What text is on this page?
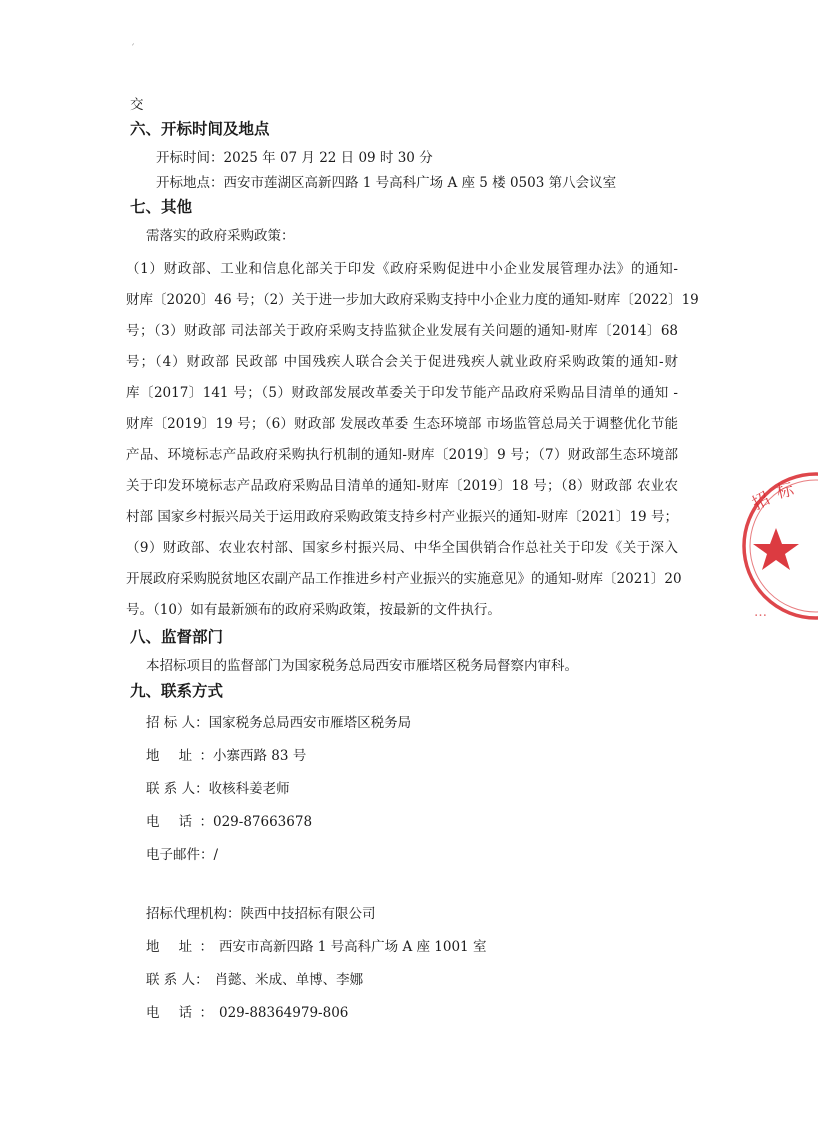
ˊ
交
六、开标时间及地点
开标时间：2025 年 07 月 22 日 09 时 30 分
开标地点：西安市莲湖区高新四路 1 号高科广场 A 座 5 楼 0503 第八会议室
七、其他
需落实的政府采购政策：
（1）财政部、工业和信息化部关于印发《政府采购促进中小企业发展管理办法》的通知-
财库〔2020〕46 号；（2）关于进一步加大政府采购支持中小企业力度的通知-财库〔2022〕19
号；（3）财政部 司法部关于政府采购支持监狱企业发展有关问题的通知-财库〔2014〕68
号；（4）财政部 民政部 中国残疾人联合会关于促进残疾人就业政府采购政策的通知-财
库〔2017〕141 号；（5）财政部发展改革委关于印发节能产品政府采购品目清单的通知 -
财库〔2019〕19 号；（6）财政部 发展改革委 生态环境部 市场监管总局关于调整优化节能
产品、环境标志产品政府采购执行机制的通知-财库〔2019〕9 号；（7）财政部生态环境部
关于印发环境标志产品政府采购品目清单的通知-财库〔2019〕18 号；（8）财政部 农业农
村部 国家乡村振兴局关于运用政府采购政策支持乡村产业振兴的通知-财库〔2021〕19 号；
（9）财政部、农业农村部、国家乡村振兴局、中华全国供销合作总社关于印发《关于深入
开展政府采购脱贫地区农副产品工作推进乡村产业振兴的实施意见》的通知-财库〔2021〕20
号。（10）如有最新颁布的政府采购政策，按最新的文件执行。
八、监督部门
本招标项目的监督部门为国家税务总局西安市雁塔区税务局督察内审科。
九、联系方式
招 标 人：国家税务总局西安市雁塔区税务局
地 址：小寨西路 83 号
联 系 人：收核科姜老师
电 话：029-87663678
电子邮件：/
招标代理机构：陕西中技招标有限公司
地 址： 西安市高新四路 1 号高科广场 A 座 1001 室
联 系 人： 肖懿、米成、单博、李娜
电 话： 029-88364979-806
招 标
…
